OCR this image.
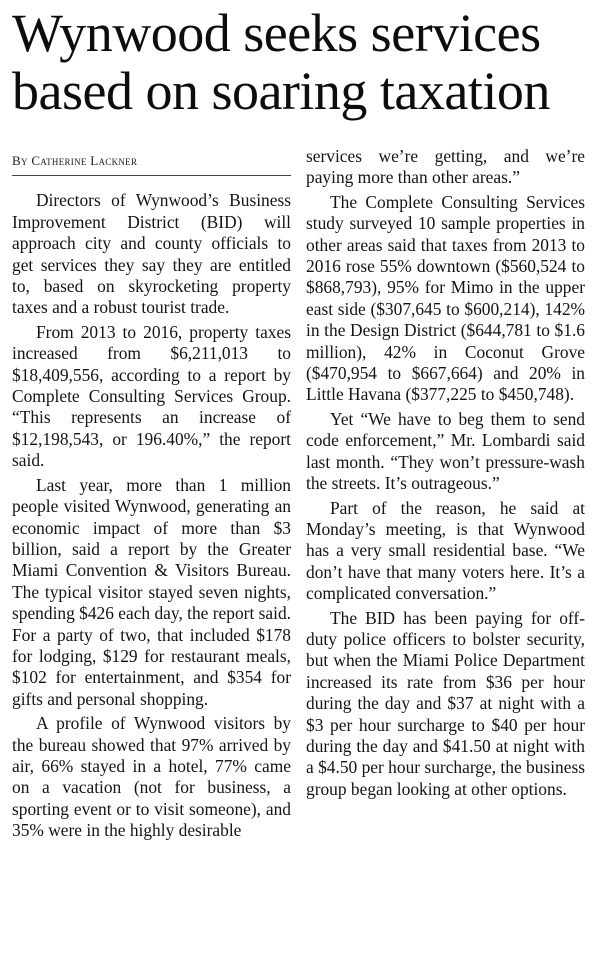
Wynwood seeks services
based on soaring taxation
By Catherine Lackner

Directors of Wynwood’s Business Improvement District (BID) will approach city and county officials to get services they say they are entitled to, based on skyrocketing property taxes and a robust tourist trade.

From 2013 to 2016, property taxes increased from $6,211,013 to $18,409,556, according to a report by Complete Consulting Services Group. “This represents an increase of $12,198,543, or 196.40%,” the report said.

Last year, more than 1 million people visited Wynwood, generating an economic impact of more than $3 billion, said a report by the Greater Miami Convention & Visitors Bureau. The typical visitor stayed seven nights, spending $426 each day, the report said. For a party of two, that included $178 for lodging, $129 for restaurant meals, $102 for entertainment, and $354 for gifts and personal shopping.

A profile of Wynwood visitors by the bureau showed that 97% arrived by air, 66% stayed in a hotel, 77% came on a vacation (not for business, a sporting event or to visit someone), and 35% were in the highly desirable

services we’re getting, and we’re paying more than other areas.”

The Complete Consulting Services study surveyed 10 sample properties in other areas said that taxes from 2013 to 2016 rose 55% downtown ($560,524 to $868,793), 95% for Mimo in the upper east side ($307,645 to $600,214), 142% in the Design District ($644,781 to $1.6 million), 42% in Coconut Grove ($470,954 to $667,664) and 20% in Little Havana ($377,225 to $450,748).

Yet “We have to beg them to send code enforcement,” Mr. Lombardi said last month. “They won’t pressure-wash the streets. It’s outrageous.”

Part of the reason, he said at Monday’s meeting, is that Wynwood has a very small residential base. “We don’t have that many voters here. It’s a complicated conversation.”

The BID has been paying for off-duty police officers to bolster security, but when the Miami Police Department increased its rate from $36 per hour during the day and $37 at night with a $3 per hour surcharge to $40 per hour during the day and $41.50 at night with a $4.50 per hour surcharge, the business group began looking at other options.
